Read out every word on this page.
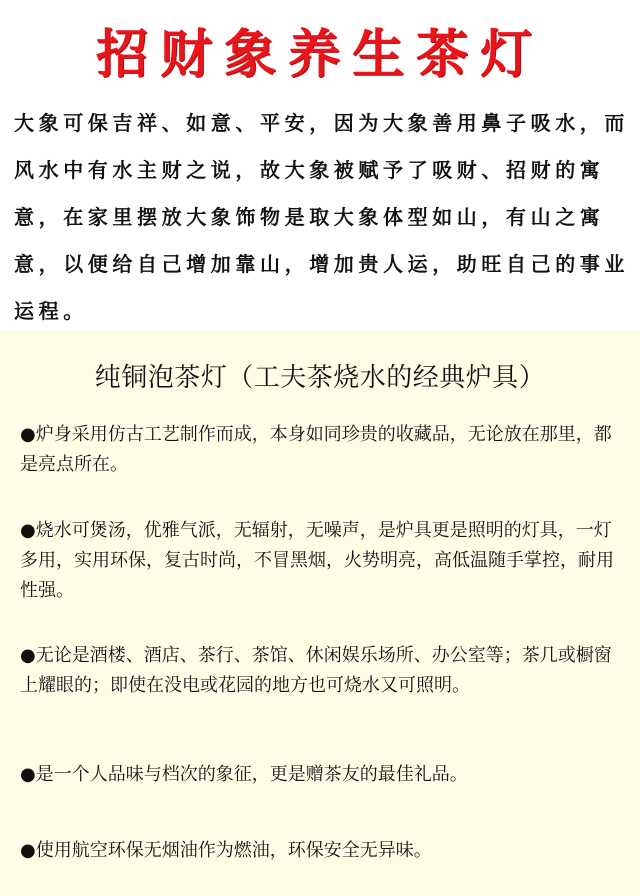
招财象养生茶灯

大象可保吉祥、如意、平安，因为大象善用鼻子吸水，而风水中有水主财之说，故大象被赋予了吸财、招财的寓意，在家里摆放大象饰物是取大象体型如山，有山之寓意，以便给自己增加靠山，增加贵人运，助旺自己的事业运程。

纯铜泡茶灯（工夫茶烧水的经典炉具）

●炉身采用仿古工艺制作而成，本身如同珍贵的收藏品，无论放在那里，都是亮点所在。

●烧水可煲汤，优雅气派，无辐射，无噪声，是炉具更是照明的灯具，一灯多用，实用环保，复古时尚，不冒黑烟，火势明亮，高低温随手掌控，耐用性强。

●无论是酒楼、酒店、茶行、茶馆、休闲娱乐场所、办公室等；茶几或橱窗上耀眼的；即使在没电或花园的地方也可烧水又可照明。

●是一个人品味与档次的象征，更是赠茶友的最佳礼品。

●使用航空环保无烟油作为燃油，环保安全无异味。
